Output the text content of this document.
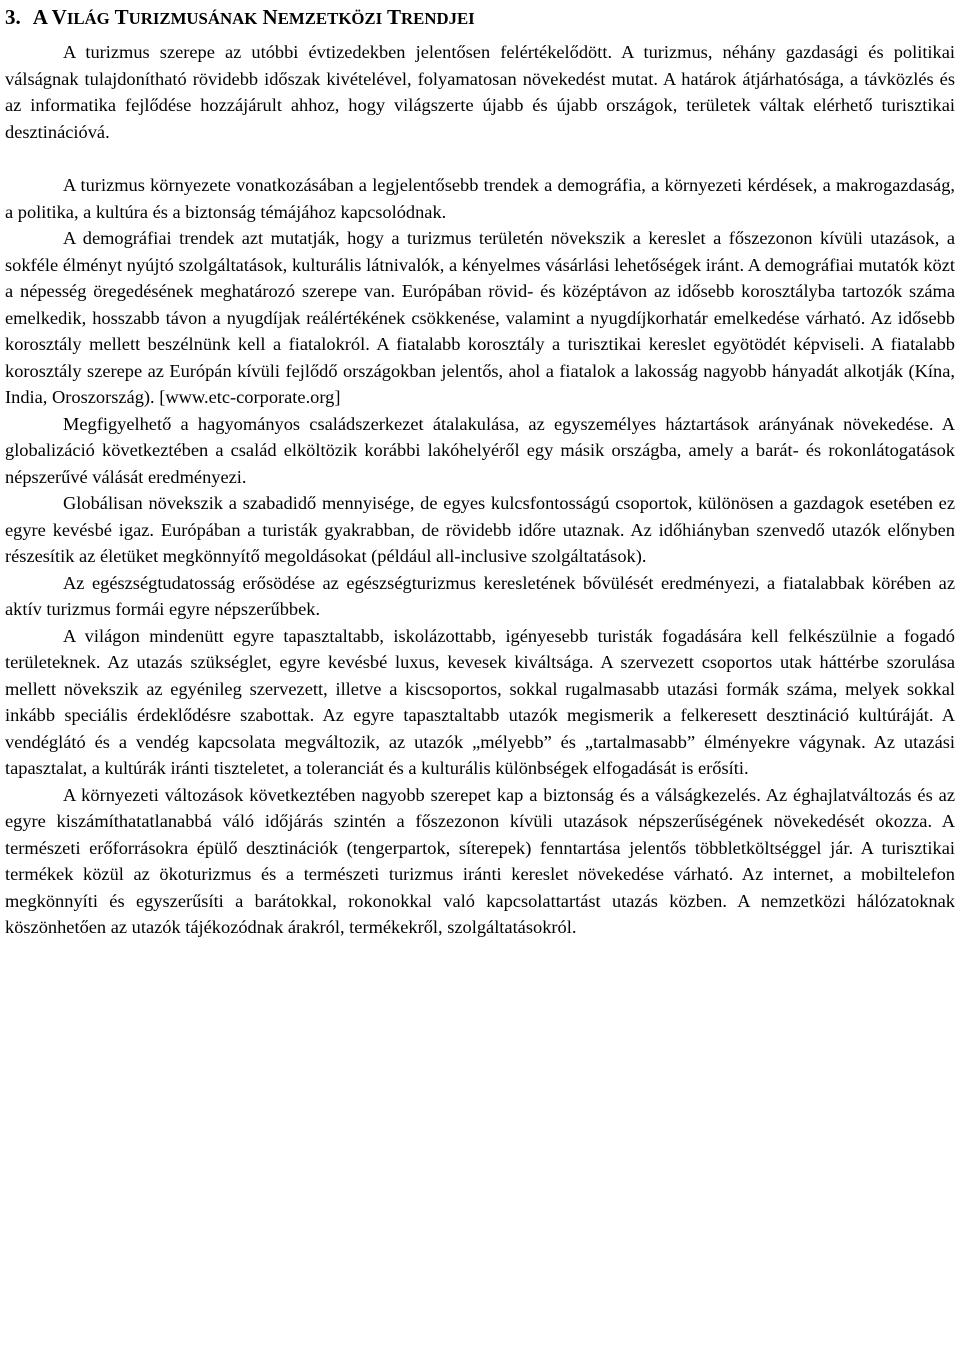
3. A VILÁG TURIZMUSÁNAK NEMZETKÖZI TRENDJEI

A turizmus szerepe az utóbbi évtizedekben jelentősen felértékelődött. A turizmus, néhány gazdasági és politikai válságnak tulajdonítható rövidebb időszak kivételével, folyamatosan növekedést mutat. A határok átjárhatósága, a távközlés és az informatika fejlődése hozzájárult ahhoz, hogy világszerte újabb és újabb országok, területek váltak elérhető turisztikai desztinációvá.

A turizmus környezete vonatkozásában a legjelentősebb trendek a demográfia, a környezeti kérdések, a makrogazdaság, a politika, a kultúra és a biztonság témájához kapcsolódnak.

A demográfiai trendek azt mutatják, hogy a turizmus területén növekszik a kereslet a főszezonon kívüli utazások, a sokféle élményt nyújtó szolgáltatások, kulturális látnivalók, a kényelmes vásárlási lehetőségek iránt. A demográfiai mutatók közt a népesség öregedésének meghatározó szerepe van. Európában rövid- és középtávon az idősebb korosztályba tartozók száma emelkedik, hosszabb távon a nyugdíjak reálértékének csökkenése, valamint a nyugdíjkorhatár emelkedése várható. Az idősebb korosztály mellett beszélnünk kell a fiatalokról. A fiatalabb korosztály a turisztikai kereslet egyötödét képviseli. A fiatalabb korosztály szerepe az Európán kívüli fejlődő országokban jelentős, ahol a fiatalok a lakosság nagyobb hányadát alkotják (Kína, India, Oroszország). [www.etc-corporate.org]

Megfigyelhető a hagyományos családszerkezet átalakulása, az egyszemélyes háztartások arányának növekedése. A globalizáció következtében a család elköltözik korábbi lakóhelyéről egy másik országba, amely a barát- és rokonlátogatások népszerűvé válását eredményezi.

Globálisan növekszik a szabadidő mennyisége, de egyes kulcsfontosságú csoportok, különösen a gazdagok esetében ez egyre kevésbé igaz. Európában a turisták gyakrabban, de rövidebb időre utaznak. Az időhiányban szenvedő utazók előnyben részesítik az életüket megkönnyítő megoldásokat (például all-inclusive szolgáltatások).

Az egészségtudatosság erősödése az egészségturizmus keresletének bővülését eredményezi, a fiatalabbak körében az aktív turizmus formái egyre népszerűbbek.

A világon mindenütt egyre tapasztaltabb, iskolázottabb, igényesebb turisták fogadására kell felkészülnie a fogadó területeknek. Az utazás szükséglet, egyre kevésbé luxus, kevesek kiváltsága. A szervezett csoportos utak háttérbe szorulása mellett növekszik az egyénileg szervezett, illetve a kiscsoportos, sokkal rugalmasabb utazási formák száma, melyek sokkal inkább speciális érdeklődésre szabottak. Az egyre tapasztaltabb utazók megismerik a felkeresett desztináció kultúráját. A vendéglátó és a vendég kapcsolata megváltozik, az utazók „mélyebb” és „tartalmasabb” élményekre vágynak. Az utazási tapasztalat, a kultúrák iránti tiszteletet, a toleranciát és a kulturális különbségek elfogadását is erősíti.

A környezeti változások következtében nagyobb szerepet kap a biztonság és a válságkezelés. Az éghajlatváltozás és az egyre kiszámíthatatlanabbá váló időjárás szintén a főszezonon kívüli utazások népszerűségének növekedését okozza. A természeti erőforrásokra épülő desztinációk (tengerpartok, síterepek) fenntartása jelentős többletköltséggel jár. A turisztikai termékek közül az ökoturizmus és a természeti turizmus iránti kereslet növekedése várható. Az internet, a mobiltelefon megkönnyíti és egyszerűsíti a barátokkal, rokonokkal való kapcsolattartást utazás közben. A nemzetközi hálózatoknak köszönhetően az utazók tájékozódnak árakról, termékekről, szolgáltatásokról.
